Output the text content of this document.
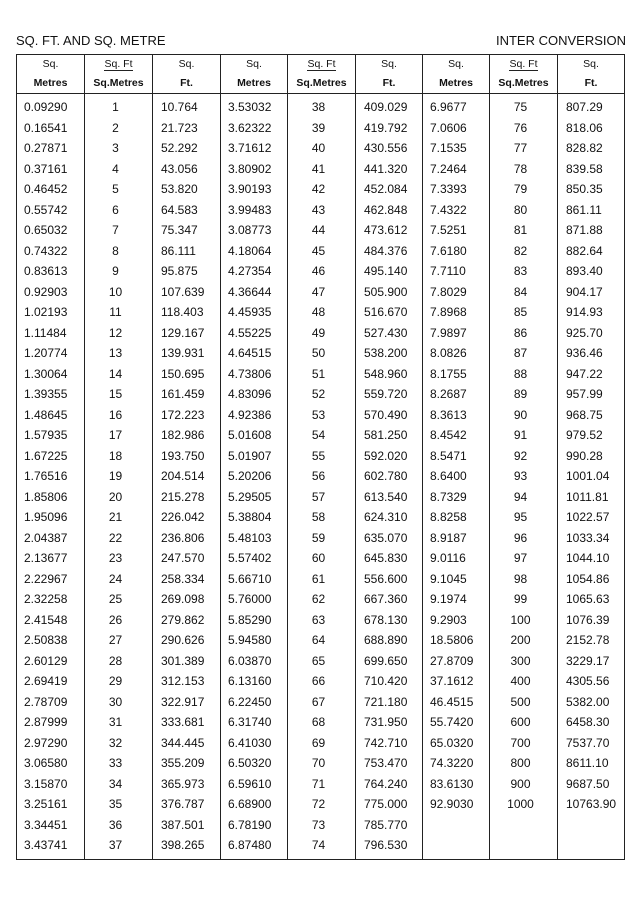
SQ. FT. AND SQ. METRE	INTER CONVERSION
Sq.	Sq. Ft	Sq.	Sq.	Sq. Ft	Sq.	Sq.	Sq. Ft	Sq.
Metres	Sq.Metres	Ft.	Metres	Sq.Metres	Ft.	Metres	Sq.Metres	Ft.
0.09290	1	10.764	3.53032	38	409.029	6.9677	75	807.29
0.16541	2	21.723	3.62322	39	419.792	7.0606	76	818.06
0.27871	3	52.292	3.71612	40	430.556	7.1535	77	828.82
0.37161	4	43.056	3.80902	41	441.320	7.2464	78	839.58
0.46452	5	53.820	3.90193	42	452.084	7.3393	79	850.35
0.55742	6	64.583	3.99483	43	462.848	7.4322	80	861.11
0.65032	7	75.347	3.08773	44	473.612	7.5251	81	871.88
0.74322	8	86.111	4.18064	45	484.376	7.6180	82	882.64
0.83613	9	95.875	4.27354	46	495.140	7.7110	83	893.40
0.92903	10	107.639	4.36644	47	505.900	7.8029	84	904.17
1.02193	11	118.403	4.45935	48	516.670	7.8968	85	914.93
1.11484	12	129.167	4.55225	49	527.430	7.9897	86	925.70
1.20774	13	139.931	4.64515	50	538.200	8.0826	87	936.46
1.30064	14	150.695	4.73806	51	548.960	8.1755	88	947.22
1.39355	15	161.459	4.83096	52	559.720	8.2687	89	957.99
1.48645	16	172.223	4.92386	53	570.490	8.3613	90	968.75
1.57935	17	182.986	5.01608	54	581.250	8.4542	91	979.52
1.67225	18	193.750	5.01907	55	592.020	8.5471	92	990.28
1.76516	19	204.514	5.20206	56	602.780	8.6400	93	1001.04
1.85806	20	215.278	5.29505	57	613.540	8.7329	94	1011.81
1.95096	21	226.042	5.38804	58	624.310	8.8258	95	1022.57
2.04387	22	236.806	5.48103	59	635.070	8.9187	96	1033.34
2.13677	23	247.570	5.57402	60	645.830	9.0116	97	1044.10
2.22967	24	258.334	5.66710	61	556.600	9.1045	98	1054.86
2.32258	25	269.098	5.76000	62	667.360	9.1974	99	1065.63
2.41548	26	279.862	5.85290	63	678.130	9.2903	100	1076.39
2.50838	27	290.626	5.94580	64	688.890	18.5806	200	2152.78
2.60129	28	301.389	6.03870	65	699.650	27.8709	300	3229.17
2.69419	29	312.153	6.13160	66	710.420	37.1612	400	4305.56
2.78709	30	322.917	6.22450	67	721.180	46.4515	500	5382.00
2.87999	31	333.681	6.31740	68	731.950	55.7420	600	6458.30
2.97290	32	344.445	6.41030	69	742.710	65.0320	700	7537.70
3.06580	33	355.209	6.50320	70	753.470	74.3220	800	8611.10
3.15870	34	365.973	6.59610	71	764.240	83.6130	900	9687.50
3.25161	35	376.787	6.68900	72	775.000	92.9030	1000	10763.90
3.34451	36	387.501	6.78190	73	785.770			
3.43741	37	398.265	6.87480	74	796.530			
